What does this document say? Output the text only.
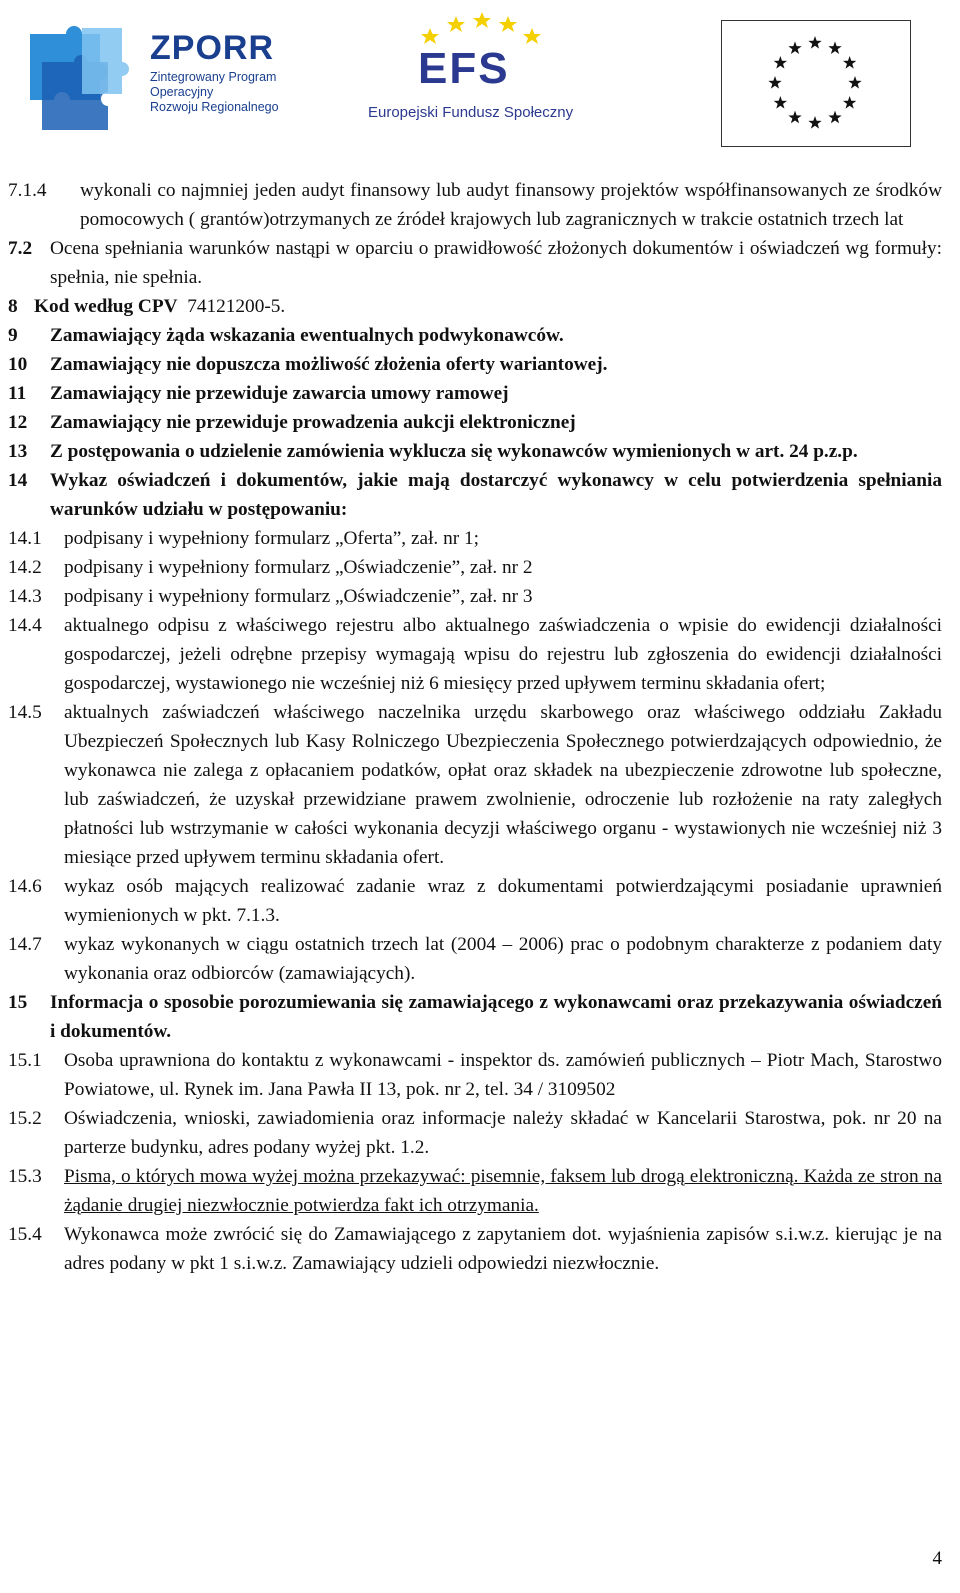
ZPORR
Zintegrowany Program
Operacyjny
Rozwoju Regionalnego
EFS
Europejski Fundusz Społeczny
7.1.4	wykonali co najmniej jeden audyt finansowy lub audyt finansowy projektów współfinansowanych ze środków pomocowych ( grantów)otrzymanych ze źródeł krajowych lub zagranicznych w trakcie ostatnich trzech lat
7.2 Ocena spełniania warunków nastąpi w oparciu o prawidłowość złożonych dokumentów i oświadczeń wg formuły: spełnia, nie spełnia.
8 Kod według CPV
74121200-5.
9	Zamawiający żąda wskazania ewentualnych podwykonawców.
10	Zamawiający nie dopuszcza możliwość złożenia oferty wariantowej.
11	Zamawiający nie przewiduje zawarcia umowy ramowej
12	Zamawiający nie przewiduje prowadzenia aukcji elektronicznej
13	Z postępowania o udzielenie zamówienia wyklucza się wykonawców wymienionych w art. 24 p.z.p.
14	Wykaz oświadczeń i dokumentów, jakie mają dostarczyć wykonawcy w celu potwierdzenia spełniania warunków udziału w postępowaniu:
14.1	podpisany i wypełniony formularz „Oferta”, zał. nr 1;
14.2	podpisany i wypełniony formularz „Oświadczenie”, zał. nr 2
14.3	podpisany i wypełniony formularz „Oświadczenie”, zał. nr 3
14.4	aktualnego odpisu z właściwego rejestru albo aktualnego zaświadczenia o wpisie do ewidencji działalności gospodarczej, jeżeli odrębne przepisy wymagają wpisu do rejestru lub zgłoszenia do ewidencji działalności gospodarczej, wystawionego nie wcześniej niż 6 miesięcy przed upływem terminu składania ofert;
14.5	aktualnych zaświadczeń właściwego naczelnika urzędu skarbowego oraz właściwego oddziału Zakładu Ubezpieczeń Społecznych lub Kasy Rolniczego Ubezpieczenia Społecznego potwierdzających odpowiednio, że wykonawca nie zalega z opłacaniem podatków, opłat oraz składek na ubezpieczenie zdrowotne lub społeczne, lub zaświadczeń, że uzyskał przewidziane prawem zwolnienie, odroczenie lub rozłożenie na raty zaległych płatności lub wstrzymanie w całości wykonania decyzji właściwego organu - wystawionych nie wcześniej niż 3 miesiące przed upływem terminu składania ofert.
14.6	wykaz osób mających realizować zadanie wraz z dokumentami potwierdzającymi posiadanie uprawnień wymienionych w pkt. 7.1.3.
14.7	wykaz wykonanych w ciągu ostatnich trzech lat (2004 – 2006) prac o podobnym charakterze z podaniem daty wykonania oraz odbiorców (zamawiających).
15	Informacja o sposobie porozumiewania się zamawiającego z wykonawcami oraz przekazywania oświadczeń i dokumentów.
15.1	Osoba uprawniona do kontaktu z wykonawcami - inspektor ds. zamówień publicznych – Piotr Mach, Starostwo Powiatowe, ul. Rynek im. Jana Pawła II 13, pok. nr 2, tel. 34 / 3109502
15.2	Oświadczenia, wnioski, zawiadomienia oraz informacje należy składać w Kancelarii Starostwa, pok. nr 20 na parterze budynku, adres podany wyżej pkt. 1.2.
15.3	Pisma, o których mowa wyżej można przekazywać: pisemnie, faksem lub drogą elektroniczną. Każda ze stron na żądanie drugiej niezwłocznie potwierdza fakt ich otrzymania.
15.4	Wykonawca może zwrócić się do Zamawiającego z zapytaniem dot. wyjaśnienia zapisów s.i.w.z. kierując je na adres podany w pkt 1 s.i.w.z. Zamawiający udzieli odpowiedzi niezwłocznie.
4
